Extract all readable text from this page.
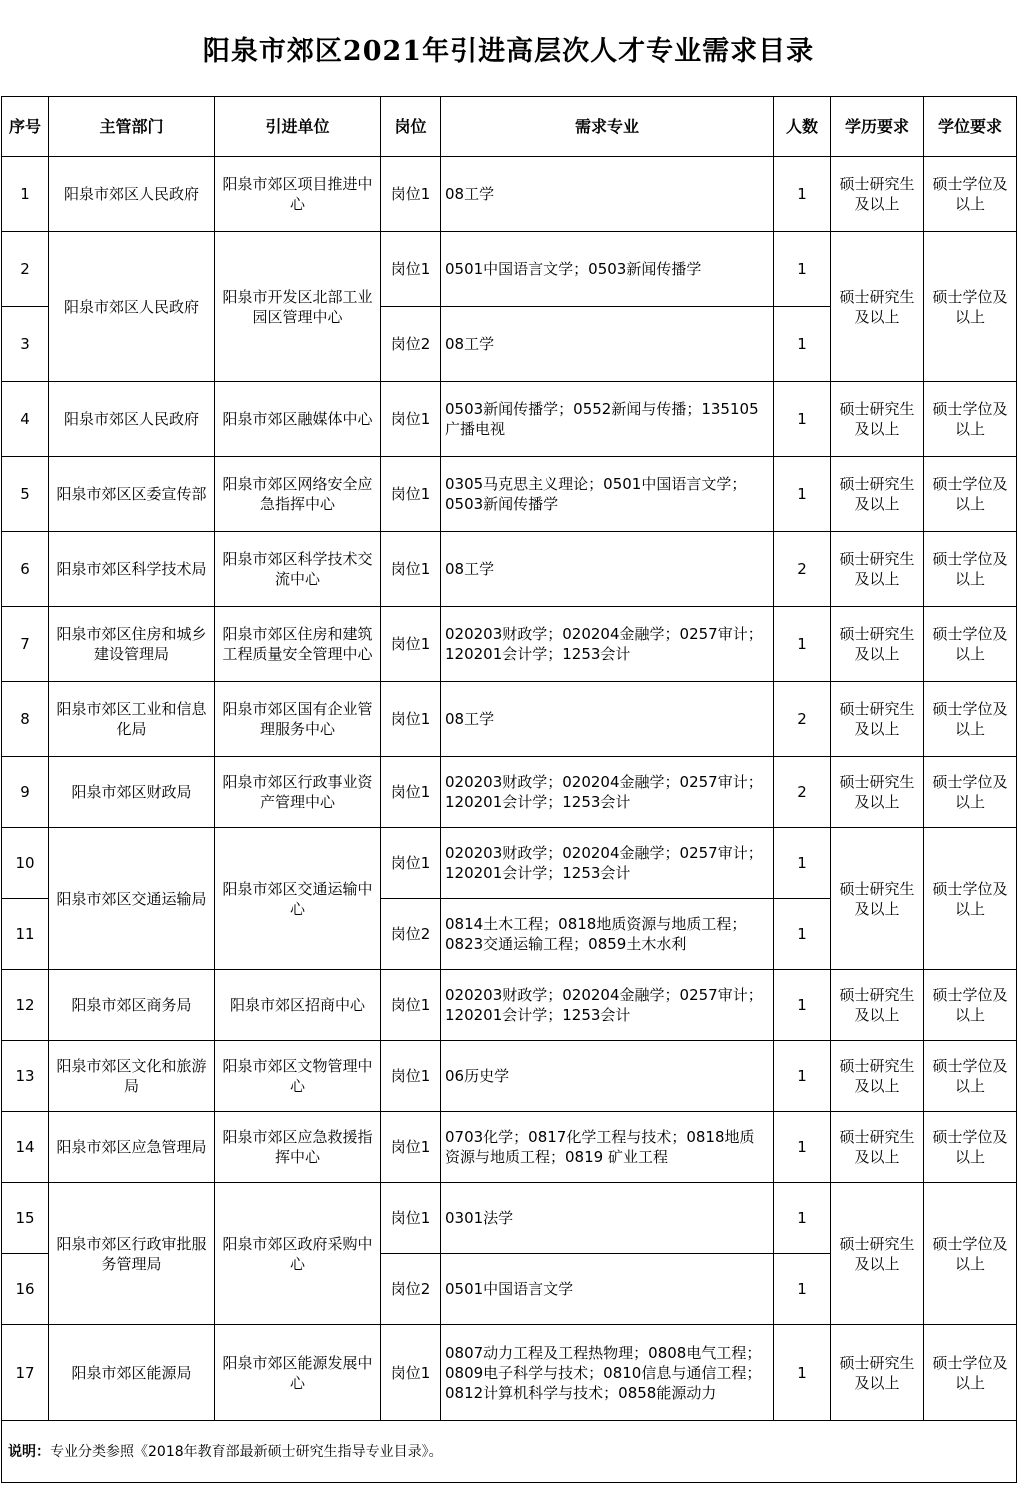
阳泉市郊区2021年引进高层次人才专业需求目录
序号	主管部门	引进单位	岗位	需求专业	人数	学历要求	学位要求
1	阳泉市郊区人民政府	阳泉市郊区项目推进中心	岗位1	08工学	1	硕士研究生及以上	硕士学位及以上
2	阳泉市郊区人民政府	阳泉市开发区北部工业园区管理中心	岗位1	0501中国语言文学；0503新闻传播学	1	硕士研究生及以上	硕士学位及以上
3			岗位2	08工学	1		
4	阳泉市郊区人民政府	阳泉市郊区融媒体中心	岗位1	0503新闻传播学；0552新闻与传播；135105广播电视	1	硕士研究生及以上	硕士学位及以上
5	阳泉市郊区区委宣传部	阳泉市郊区网络安全应急指挥中心	岗位1	0305马克思主义理论；0501中国语言文学；0503新闻传播学	1	硕士研究生及以上	硕士学位及以上
6	阳泉市郊区科学技术局	阳泉市郊区科学技术交流中心	岗位1	08工学	2	硕士研究生及以上	硕士学位及以上
7	阳泉市郊区住房和城乡建设管理局	阳泉市郊区住房和建筑工程质量安全管理中心	岗位1	020203财政学；020204金融学；0257审计；120201会计学；1253会计	1	硕士研究生及以上	硕士学位及以上
8	阳泉市郊区工业和信息化局	阳泉市郊区国有企业管理服务中心	岗位1	08工学	2	硕士研究生及以上	硕士学位及以上
9	阳泉市郊区财政局	阳泉市郊区行政事业资产管理中心	岗位1	020203财政学；020204金融学；0257审计；120201会计学；1253会计	2	硕士研究生及以上	硕士学位及以上
10	阳泉市郊区交通运输局	阳泉市郊区交通运输中心	岗位1	020203财政学；020204金融学；0257审计；120201会计学；1253会计	1	硕士研究生及以上	硕士学位及以上
11			岗位2	0814土木工程；0818地质资源与地质工程；0823交通运输工程；0859土木水利	1		
12	阳泉市郊区商务局	阳泉市郊区招商中心	岗位1	020203财政学；020204金融学；0257审计；120201会计学；1253会计	1	硕士研究生及以上	硕士学位及以上
13	阳泉市郊区文化和旅游局	阳泉市郊区文物管理中心	岗位1	06历史学	1	硕士研究生及以上	硕士学位及以上
14	阳泉市郊区应急管理局	阳泉市郊区应急救援指挥中心	岗位1	0703化学；0817化学工程与技术；0818地质资源与地质工程；0819 矿业工程	1	硕士研究生及以上	硕士学位及以上
15	阳泉市郊区行政审批服务管理局	阳泉市郊区政府采购中心	岗位1	0301法学	1	硕士研究生及以上	硕士学位及以上
16			岗位2	0501中国语言文学	1		
17	阳泉市郊区能源局	阳泉市郊区能源发展中心	岗位1	0807动力工程及工程热物理；0808电气工程；0809电子科学与技术；0810信息与通信工程；0812计算机科学与技术；0858能源动力	1	硕士研究生及以上	硕士学位及以上
说明：专业分类参照《2018年教育部最新硕士研究生指导专业目录》。							
